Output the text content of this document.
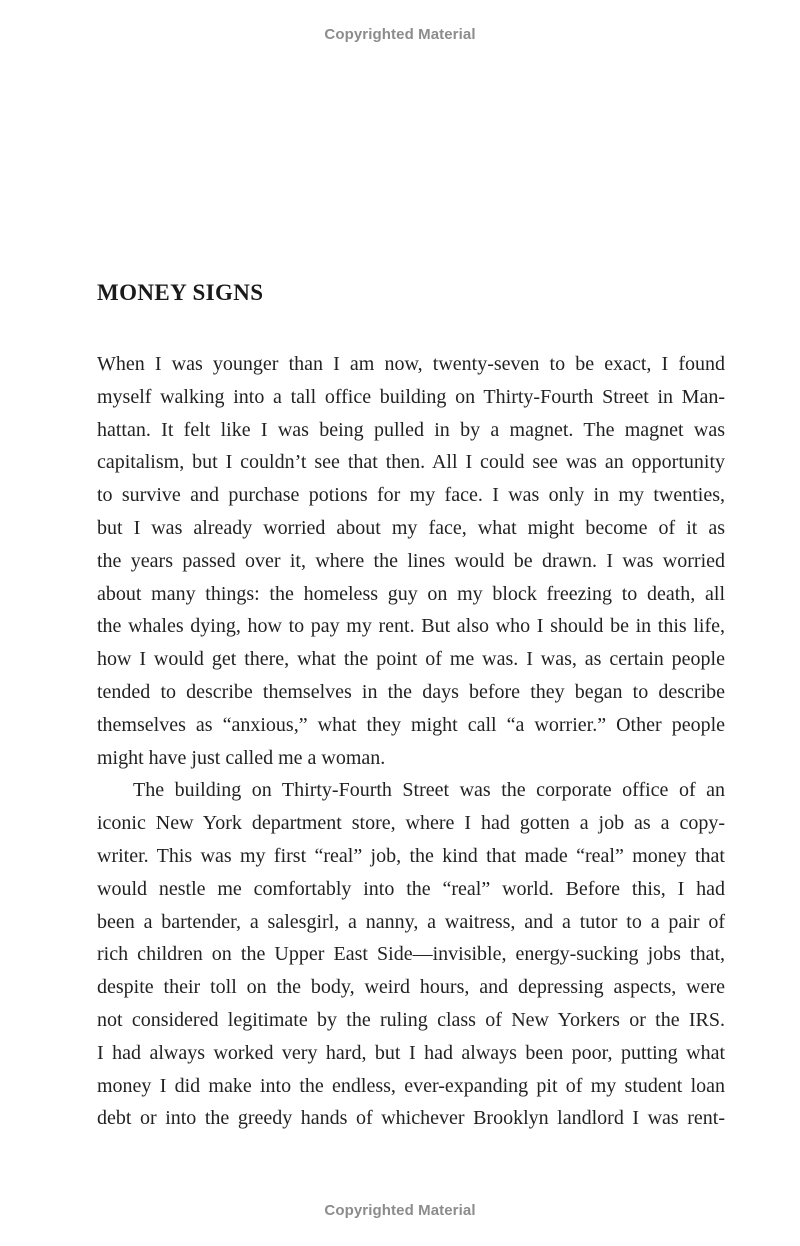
Copyrighted Material
MONEY SIGNS
When I was younger than I am now, twenty-seven to be exact, I found
myself walking into a tall office building on Thirty-Fourth Street in Man-
hattan. It felt like I was being pulled in by a magnet. The magnet was
capitalism, but I couldn’t see that then. All I could see was an opportunity
to survive and purchase potions for my face. I was only in my twenties,
but I was already worried about my face, what might become of it as
the years passed over it, where the lines would be drawn. I was worried
about many things: the homeless guy on my block freezing to death, all
the whales dying, how to pay my rent. But also who I should be in this life,
how I would get there, what the point of me was. I was, as certain people
tended to describe themselves in the days before they began to describe
themselves as “anxious,” what they might call “a worrier.” Other people
might have just called me a woman.
The building on Thirty-Fourth Street was the corporate office of an
iconic New York department store, where I had gotten a job as a copy-
writer. This was my first “real” job, the kind that made “real” money that
would nestle me comfortably into the “real” world. Before this, I had
been a bartender, a salesgirl, a nanny, a waitress, and a tutor to a pair of
rich children on the Upper East Side—invisible, energy-sucking jobs that,
despite their toll on the body, weird hours, and depressing aspects, were
not considered legitimate by the ruling class of New Yorkers or the IRS.
I had always worked very hard, but I had always been poor, putting what
money I did make into the endless, ever-expanding pit of my student loan
debt or into the greedy hands of whichever Brooklyn landlord I was rent-
Copyrighted Material
